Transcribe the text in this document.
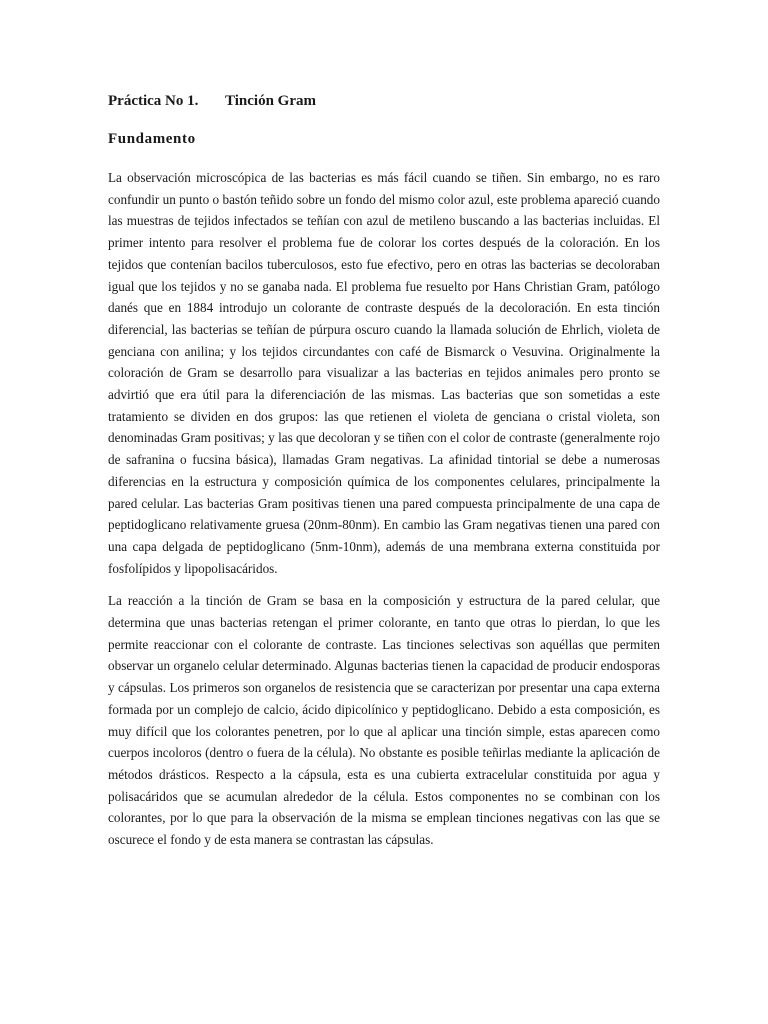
Práctica No 1. Tinción Gram
Fundamento

La observación microscópica de las bacterias es más fácil cuando se tiñen. Sin embargo, no es raro confundir un punto o bastón teñido sobre un fondo del mismo color azul, este problema apareció cuando las muestras de tejidos infectados se teñían con azul de metileno buscando a las bacterias incluidas. El primer intento para resolver el problema fue de colorar los cortes después de la coloración. En los tejidos que contenían bacilos tuberculosos, esto fue efectivo, pero en otras las bacterias se decoloraban igual que los tejidos y no se ganaba nada. El problema fue resuelto por Hans Christian Gram, patólogo danés que en 1884 introdujo un colorante de contraste después de la decoloración. En esta tinción diferencial, las bacterias se teñían de púrpura oscuro cuando la llamada solución de Ehrlich, violeta de genciana con anilina; y los tejidos circundantes con café de Bismarck o Vesuvina. Originalmente la coloración de Gram se desarrollo para visualizar a las bacterias en tejidos animales pero pronto se advirtió que era útil para la diferenciación de las mismas. Las bacterias que son sometidas a este tratamiento se dividen en dos grupos: las que retienen el violeta de genciana o cristal violeta, son denominadas Gram positivas; y las que decoloran y se tiñen con el color de contraste (generalmente rojo de safranina o fucsina básica), llamadas Gram negativas. La afinidad tintorial se debe a numerosas diferencias en la estructura y composición química de los componentes celulares, principalmente la pared celular. Las bacterias Gram positivas tienen una pared compuesta principalmente de una capa de peptidoglicano relativamente gruesa (20nm-80nm). En cambio las Gram negativas tienen una pared con una capa delgada de peptidoglicano (5nm-10nm), además de una membrana externa constituida por fosfolípidos y lipopolisacáridos.

La reacción a la tinción de Gram se basa en la composición y estructura de la pared celular, que determina que unas bacterias retengan el primer colorante, en tanto que otras lo pierdan, lo que les permite reaccionar con el colorante de contraste. Las tinciones selectivas son aquéllas que permiten observar un organelo celular determinado. Algunas bacterias tienen la capacidad de producir endosporas y cápsulas. Los primeros son organelos de resistencia que se caracterizan por presentar una capa externa formada por un complejo de calcio, ácido dipicolínico y peptidoglicano. Debido a esta composición, es muy difícil que los colorantes penetren, por lo que al aplicar una tinción simple, estas aparecen como cuerpos incoloros (dentro o fuera de la célula). No obstante es posible teñirlas mediante la aplicación de métodos drásticos. Respecto a la cápsula, esta es una cubierta extracelular constituida por agua y polisacáridos que se acumulan alrededor de la célula. Estos componentes no se combinan con los colorantes, por lo que para la observación de la misma se emplean tinciones negativas con las que se oscurece el fondo y de esta manera se contrastan las cápsulas.
